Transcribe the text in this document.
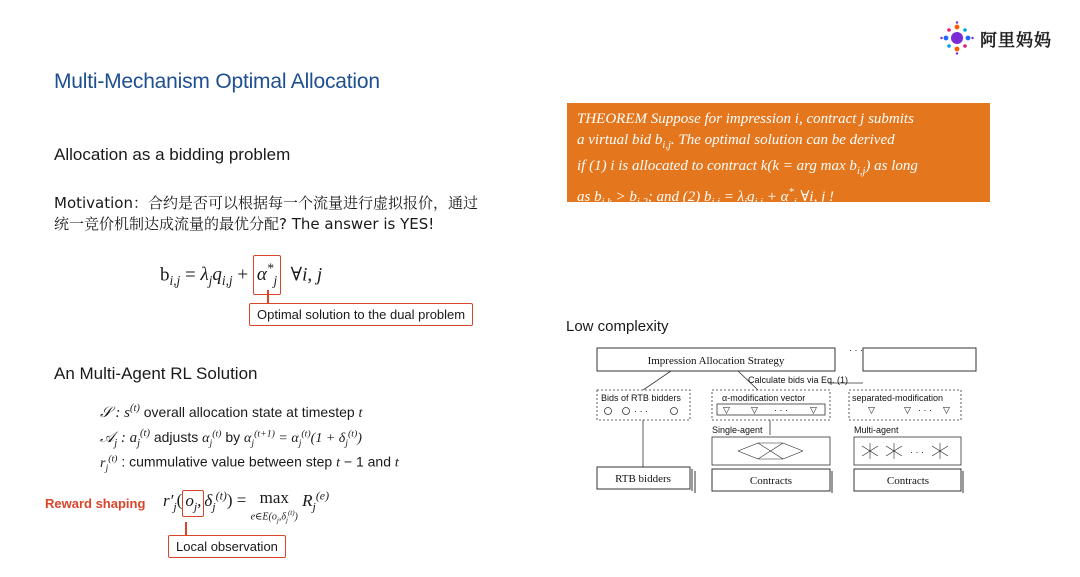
阿里妈妈
Multi-Mechanism Optimal Allocation
Allocation as a bidding problem
Motivation：合约是否可以根据每一个流量进行虚拟报价，通过
统一竞价机制达成流量的最优分配? The answer is YES!
$b_{i,j} = \lambda_jq_{i,j} + \alpha^*_j$  ∀i, j
Optimal solution to the dual problem
An Multi-Agent RL Solution
𝒮 : $s^{(t)}$ overall allocation state at timestep t
𝒜$_j$ : $a_j^{(t)}$ adjusts $\alpha_j^{(t)}$ by $\alpha_j^{(t+1)} = \alpha_j^{(t)}(1 + \delta_j^{(t)})$
$r_j^{(t)}$ : cummulative value between step t − 1 and t
Reward shaping $r'_j$( $o_j$, $\delta_j^{(t)}) = \max$
$e\in E(o_j,\delta_j^{(t)})$
$R_j^{(e)}$
Local observation
THEOREM Suppose for impression i, contract j submits
a virtual bid $b_{i,j}$. The optimal solution can be derived
if (1) i is allocated to contract k(k = arg $\max b_{i,j}$) as long
as $b_{i,k} > b_{i,2}$; and (2) $b_{i,j} = \lambda_jq_{i,j} + \alpha^*_j$ ∀i, j !
Low complexity
Impression Allocation Strategy
· · ·
Calculate bids via Eq. (1)
Bids of RTB bidders
· · ·
α-modification vector
▽ ▽ · · · ▽
separated-modification
▽	▽ · · · ▽
Single-agent	Multi-agent
· · ·
RTB bidders	Contracts	Contracts
